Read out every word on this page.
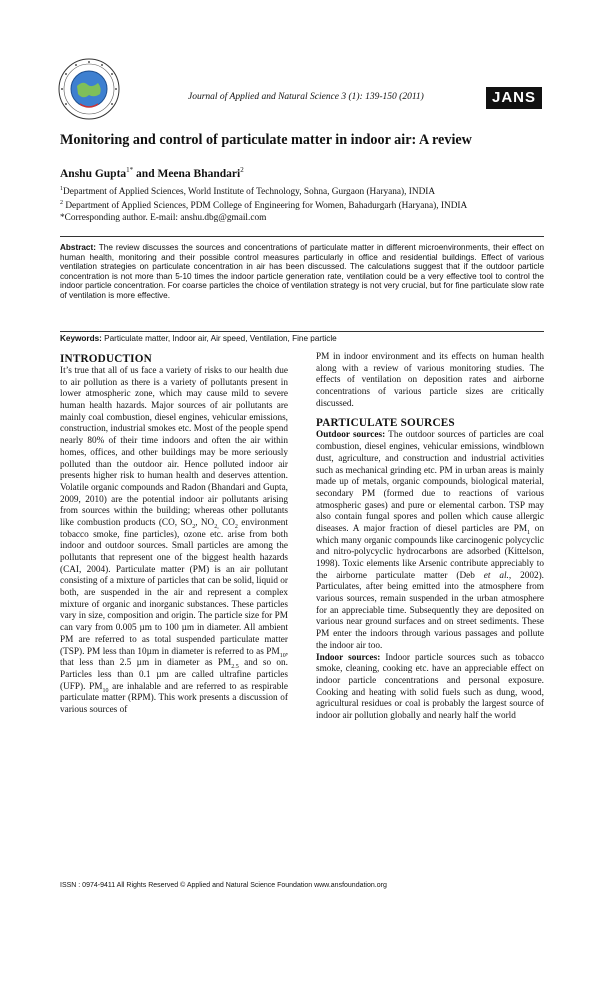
Journal of Applied and Natural Science 3 (1): 139-150 (2011)	JANS
Monitoring and control of particulate matter in indoor air: A review
Anshu Gupta$^{1*}$ and Meena Bhandari$^2$
$^1$Department of Applied Sciences, World Institute of Technology, Sohna, Gurgaon (Haryana), INDIA
$^2$ Department of Applied Sciences, PDM College of Engineering for Women, Bahadurgarh (Haryana), INDIA
*Corresponding author. E-mail: anshu.dbg@gmail.com

Abstract: The review discusses the sources and concentrations of particulate matter in different microenvironments, their effect on human health, monitoring and their possible control measures particularly in office and residential buildings. Effect of various ventilation strategies on particulate concentration in air has been discussed. The calculations suggest that if the outdoor particle concentration is not more than 5-10 times the indoor particle generation rate, ventilation could be a very effective tool to control the indoor particle concentration. For coarse particles the choice of ventilation strategy is not very crucial, but for fine particulate slow rate of ventilation is more effective.

Keywords: Particulate matter, Indoor air, Air speed, Ventilation, Fine particle
INTRODUCTION

It’s true that all of us face a variety of risks to our health due to air pollution as there is a variety of pollutants present in lower atmospheric zone, which may cause mild to severe human health hazards. Major sources of air pollutants are mainly coal combustion, diesel engines, vehicular emissions, construction, industrial smokes etc. Most of the people spend nearly 80% of their time indoors and often the air within homes, offices, and other buildings may be more seriously polluted than the outdoor air. Hence polluted indoor air presents higher risk to human health and deserves attention. Volatile organic compounds and Radon (Bhandari and Gupta, 2009, 2010) are the potential indoor air pollutants arising from sources within the building; whereas other pollutants like combustion products (CO, $SO_2$, $NO_{2,}$ $CO_2$ environment tobacco smoke, fine particles), ozone etc. arise from both indoor and outdoor sources. Small particles are among the pollutants that represent one of the biggest health hazards (CAI, 2004). Particulate matter (PM) is an air pollutant consisting of a mixture of particles that can be solid, liquid or both, are suspended in the air and represent a complex mixture of organic and inorganic substances. These particles vary in size, composition and origin. The particle size for PM can vary from 0.005 µm to 100 µm in diameter. All ambient PM are referred to as total suspended particulate matter (TSP). PM less than 10µm in diameter is referred to as $PM_{10}$, that less than 2.5 µm in diameter as $PM_{2.5}$ and so on. Particles less than 0.1 µm are called ultrafine particles (UFP). $PM_{10}$ are inhalable and are referred to as respirable particulate matter (RPM). This work presents a discussion of various sources of

PM in indoor environment and its effects on human health along with a review of various monitoring studies. The effects of ventilation on deposition rates and airborne concentrations of various particle sizes are critically discussed.

PARTICULATE SOURCES

Outdoor sources: The outdoor sources of particles are coal combustion, diesel engines, vehicular emissions, windblown dust, agriculture, and construction and industrial activities such as mechanical grinding etc. PM in urban areas is mainly made up of metals, organic compounds, biological material, secondary PM (formed due to reactions of various atmospheric gases) and pure or elemental carbon. TSP may also contain fungal spores and pollen which cause allergic diseases. A major fraction of diesel particles are $PM_1$ on which many organic compounds like carcinogenic polycyclic and nitro-polycyclic hydrocarbons are adsorbed (Kittelson, 1998). Toxic elements like Arsenic contribute appreciably to the airborne particulate matter (Deb et al., 2002). Particulates, after being emitted into the atmosphere from various sources, remain suspended in the urban atmosphere for an appreciable time. Subsequently they are deposited on various near ground surfaces and on street sediments. These PM enter the indoors through various passages and pollute the indoor air too.

Indoor sources: Indoor particle sources such as tobacco smoke, cleaning, cooking etc. have an appreciable effect on indoor particle concentrations and personal exposure. Cooking and heating with solid fuels such as dung, wood, agricultural residues or coal is probably the largest source of indoor air pollution globally and nearly half the world

ISSN : 0974-9411 All Rights Reserved © Applied and Natural Science Foundation www.ansfoundation.org
